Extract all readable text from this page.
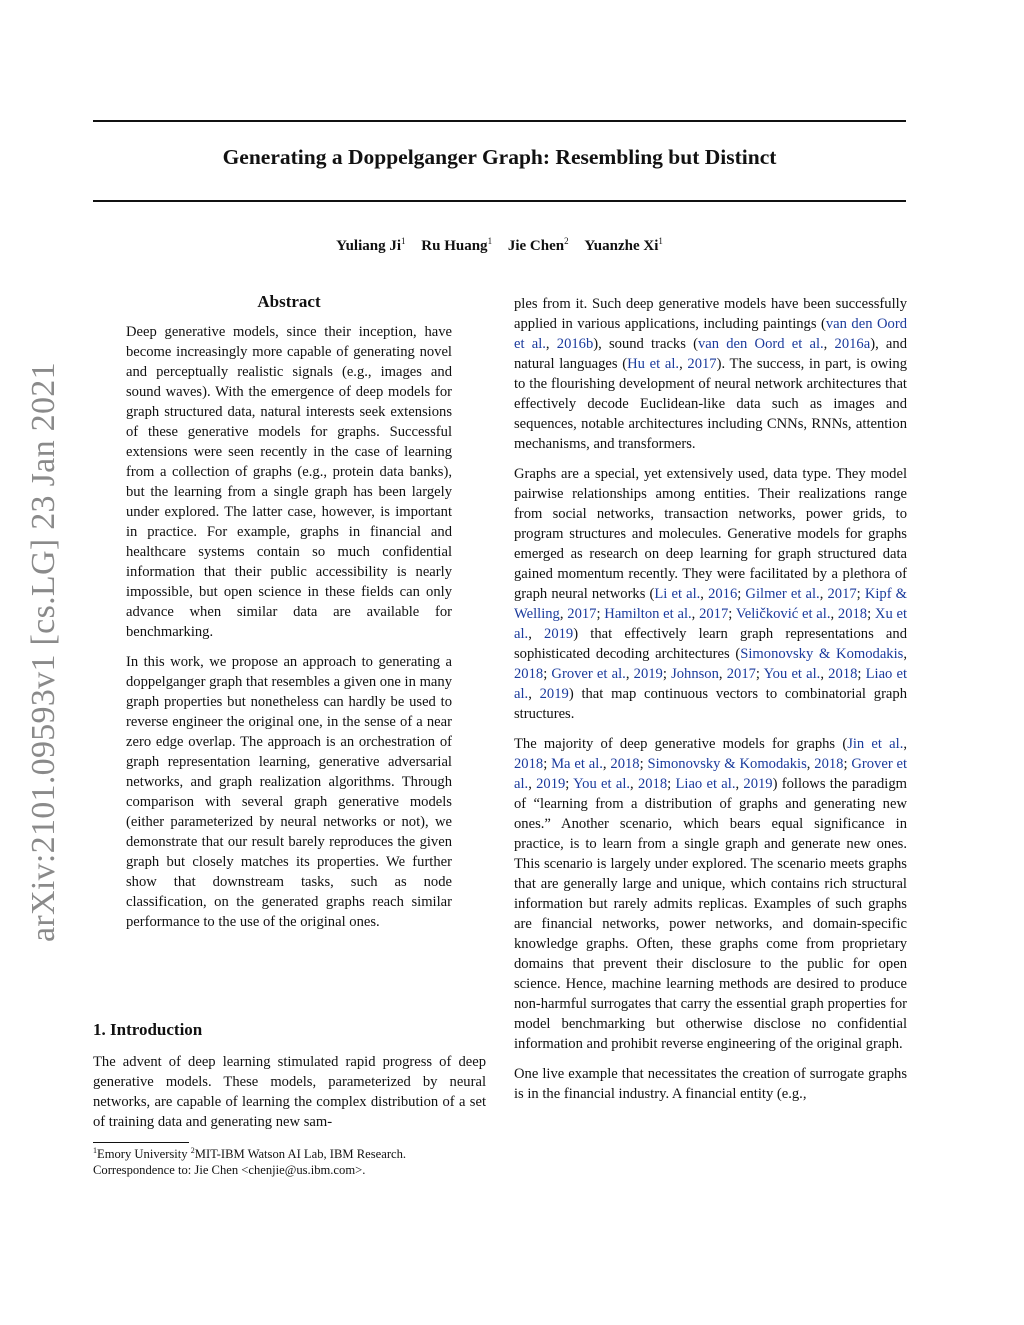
arXiv:2101.09593v1 [cs.LG] 23 Jan 2021
Generating a Doppelganger Graph: Resembling but Distinct
Yuliang Ji$^1$ Ru Huang$^1$ Jie Chen$^2$ Yuanzhe Xi$^1$
Abstract

Deep generative models, since their inception, have become increasingly more capable of generating novel and perceptually realistic signals (e.g., images and sound waves). With the emergence of deep models for graph structured data, natural interests seek extensions of these generative models for graphs. Successful extensions were seen recently in the case of learning from a collection of graphs (e.g., protein data banks), but the learning from a single graph has been largely under explored. The latter case, however, is important in practice. For example, graphs in financial and healthcare systems contain so much confidential information that their public accessibility is nearly impossible, but open science in these fields can only advance when similar data are available for benchmarking.

In this work, we propose an approach to generating a doppelganger graph that resembles a given one in many graph properties but nonetheless can hardly be used to reverse engineer the original one, in the sense of a near zero edge overlap. The approach is an orchestration of graph representation learning, generative adversarial networks, and graph realization algorithms. Through comparison with several graph generative models (either parameterized by neural networks or not), we demonstrate that our result barely reproduces the given graph but closely matches its properties. We further show that downstream tasks, such as node classification, on the generated graphs reach similar performance to the use of the original ones.

1. Introduction

The advent of deep learning stimulated rapid progress of deep generative models. These models, parameterized by neural networks, are capable of learning the complex distribution of a set of training data and generating new sam-

$^1$Emory University $^2$MIT-IBM Watson AI Lab, IBM Research.
Correspondence to: Jie Chen <chenjie@us.ibm.com>.

ples from it. Such deep generative models have been successfully applied in various applications, including paintings (van den Oord et al., 2016b), sound tracks (van den Oord et al., 2016a), and natural languages (Hu et al., 2017). The success, in part, is owing to the flourishing development of neural network architectures that effectively decode Euclidean-like data such as images and sequences, notable architectures including CNNs, RNNs, attention mechanisms, and transformers.

Graphs are a special, yet extensively used, data type. They model pairwise relationships among entities. Their realizations range from social networks, transaction networks, power grids, to program structures and molecules. Generative models for graphs emerged as research on deep learning for graph structured data gained momentum recently. They were facilitated by a plethora of graph neural networks (Li et al., 2016; Gilmer et al., 2017; Kipf & Welling, 2017; Hamilton et al., 2017; Veličković et al., 2018; Xu et al., 2019) that effectively learn graph representations and sophisticated decoding architectures (Simonovsky & Komodakis, 2018; Grover et al., 2019; Johnson, 2017; You et al., 2018; Liao et al., 2019) that map continuous vectors to combinatorial graph structures.

The majority of deep generative models for graphs (Jin et al., 2018; Ma et al., 2018; Simonovsky & Komodakis, 2018; Grover et al., 2019; You et al., 2018; Liao et al., 2019) follows the paradigm of “learning from a distribution of graphs and generating new ones.” Another scenario, which bears equal significance in practice, is to learn from a single graph and generate new ones. This scenario is largely under explored. The scenario meets graphs that are generally large and unique, which contains rich structural information but rarely admits replicas. Examples of such graphs are financial networks, power networks, and domain-specific knowledge graphs. Often, these graphs come from proprietary domains that prevent their disclosure to the public for open science. Hence, machine learning methods are desired to produce non-harmful surrogates that carry the essential graph properties for model benchmarking but otherwise disclose no confidential information and prohibit reverse engineering of the original graph.

One live example that necessitates the creation of surrogate graphs is in the financial industry. A financial entity (e.g.,
